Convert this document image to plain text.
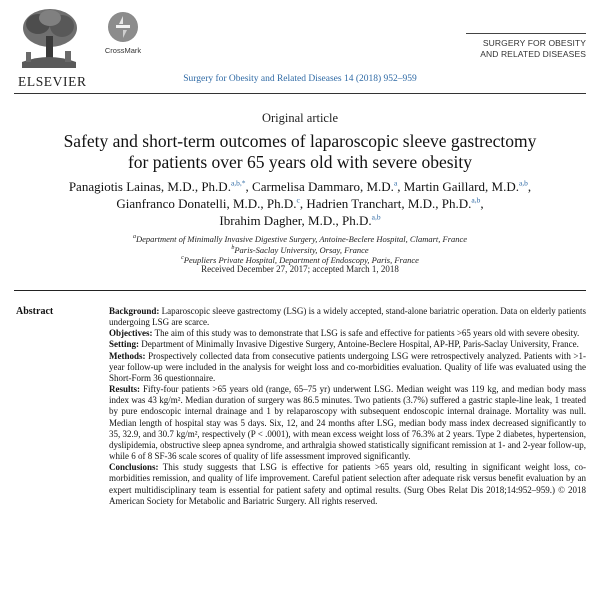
ELSEVIER
CrossMark
SURGERY FOR OBESITY
AND RELATED DISEASES
Surgery for Obesity and Related Diseases 14 (2018) 952–959
Original article
Safety and short-term outcomes of laparoscopic sleeve gastrectomy
for patients over 65 years old with severe obesity
Panagiotis Lainas, M.D., Ph.D.$^{a,b,*}$, Carmelisa Dammaro, M.D.$^a$, Martin Gaillard, M.D.$^{a,b}$,
Gianfranco Donatelli, M.D., Ph.D.$^c$, Hadrien Tranchart, M.D., Ph.D.$^{a,b}$,
Ibrahim Dagher, M.D., Ph.D.$^{a,b}$
$^a$Department of Minimally Invasive Digestive Surgery, Antoine-Beclere Hospital, Clamart, France
$^b$Paris-Saclay University, Orsay, France
$^c$Peupliers Private Hospital, Department of Endoscopy, Paris, France
Received December 27, 2017; accepted March 1, 2018
Abstract	Background: Laparoscopic sleeve gastrectomy (LSG) is a widely accepted, stand-alone bariatric operation. Data on elderly patients undergoing LSG are scarce.

Objectives: The aim of this study was to demonstrate that LSG is safe and effective for patients >65 years old with severe obesity.

Setting: Department of Minimally Invasive Digestive Surgery, Antoine-Beclere Hospital, AP-HP, Paris-Saclay University, France.

Methods: Prospectively collected data from consecutive patients undergoing LSG were retrospectively analyzed. Patients with >1-year follow-up were included in the analysis for weight loss and co-morbidities evaluation. Quality of life was evaluated using the Short-Form 36 questionnaire.

Results: Fifty-four patients >65 years old (range, 65–75 yr) underwent LSG. Median weight was 119 kg, and median body mass index was 43 kg/m². Median duration of surgery was 86.5 minutes. Two patients (3.7%) suffered a gastric staple-line leak, 1 treated by pure endoscopic internal drainage and 1 by relaparoscopy with subsequent endoscopic internal drainage. Mortality was null. Median length of hospital stay was 5 days. Six, 12, and 24 months after LSG, median body mass index decreased significantly to 35, 32.9, and 30.7 kg/m², respectively (P < .0001), with mean excess weight loss of 76.3% at 2 years. Type 2 diabetes, hypertension, dyslipidemia, obstructive sleep apnea syndrome, and arthralgia showed statistically significant remission at 1- and 2-year follow-up, while 6 of 8 SF-36 scale scores of quality of life assessment improved significantly.

Conclusions: This study suggests that LSG is effective for patients >65 years old, resulting in significant weight loss, co-morbidities remission, and quality of life improvement. Careful patient selection after adequate risk versus benefit evaluation by an expert multidisciplinary team is essential for patient safety and optimal results. (Surg Obes Relat Dis 2018;14:952–959.) © 2018 American Society for Metabolic and Bariatric Surgery. All rights reserved.
